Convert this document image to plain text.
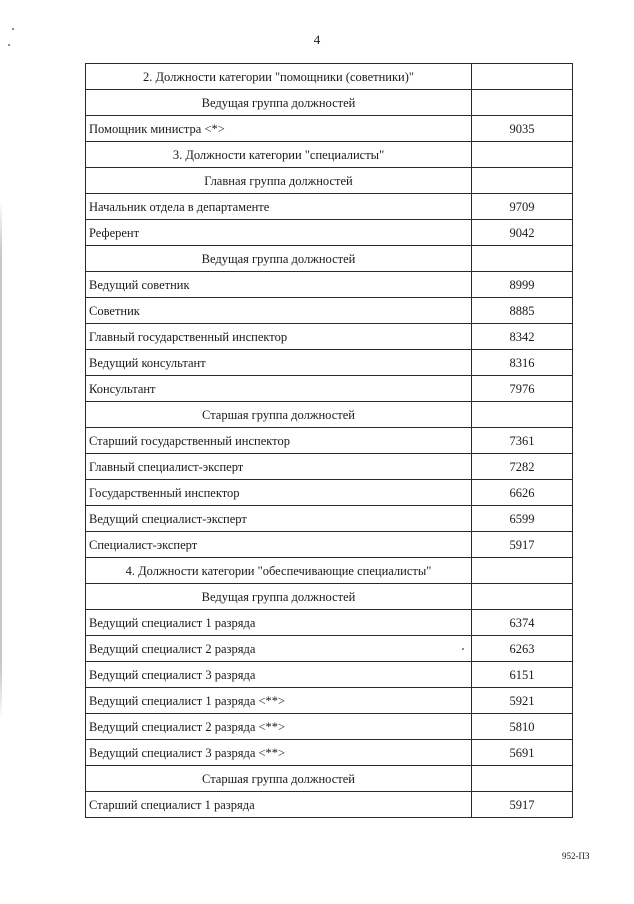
4
2. Должности категории "помощники (советники)"	
Ведущая группа должностей	
Помощник министра <*>	9035
3. Должности категории "специалисты"	
Главная группа должностей	
Начальник отдела в департаменте	9709
Референт	9042
Ведущая группа должностей	
Ведущий советник	8999
Советник	8885
Главный государственный инспектор	8342
Ведущий консультант	8316
Консультант	7976
Старшая группа должностей	
Старший государственный инспектор	7361
Главный специалист-эксперт	7282
Государственный инспектор	6626
Ведущий специалист-эксперт	6599
Специалист-эксперт	5917
4. Должности категории "обеспечивающие специалисты"	
Ведущая группа должностей	
Ведущий специалист 1 разряда	6374
Ведущий специалист 2 разряда	6263
Ведущий специалист 3 разряда	6151
Ведущий специалист 1 разряда <**>	5921
Ведущий специалист 2 разряда <**>	5810
Ведущий специалист 3 разряда <**>	5691
Старшая группа должностей	
Старший специалист 1 разряда	5917
952-ПЗ
